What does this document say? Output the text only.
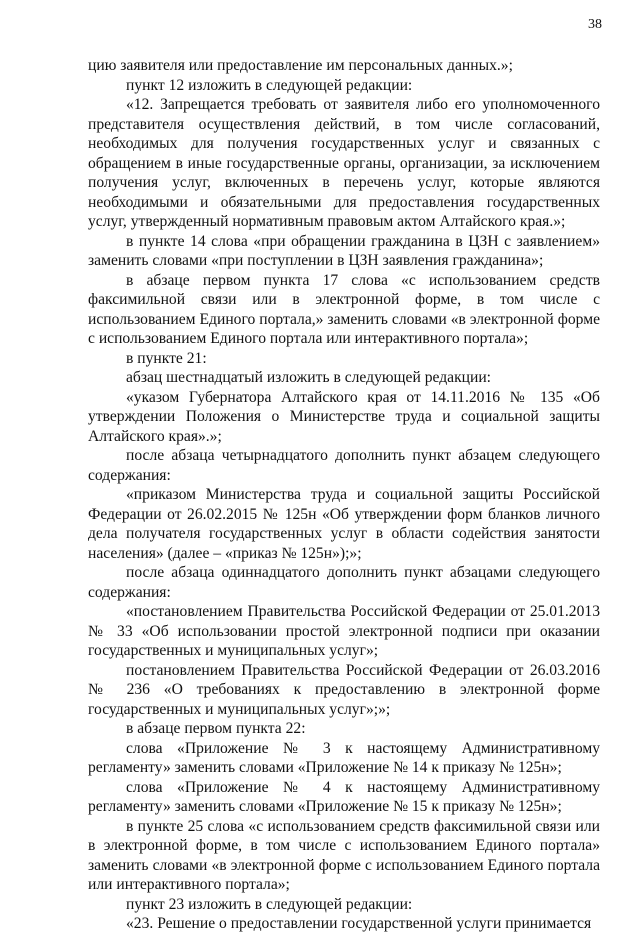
38

цию заявителя или предоставление им персональных данных.»;

пункт 12 изложить в следующей редакции:

«12. Запрещается требовать от заявителя либо его уполномоченного представителя осуществления действий, в том числе согласований, необходимых для получения государственных услуг и связанных с обращением в иные государственные органы, организации, за исключением получения услуг, включенных в перечень услуг, которые являются необходимыми и обязательными для предоставления государственных услуг, утвержденный нормативным правовым актом Алтайского края.»;

в пункте 14 слова «при обращении гражданина в ЦЗН с заявлением» заменить словами «при поступлении в ЦЗН заявления гражданина»;

в абзаце первом пункта 17 слова «с использованием средств факсимильной связи или в электронной форме, в том числе с использованием Единого портала,» заменить словами «в электронной форме с использованием Единого портала или интерактивного портала»;

в пункте 21:

абзац шестнадцатый изложить в следующей редакции:

«указом Губернатора Алтайского края от 14.11.2016 № 135 «Об утверждении Положения о Министерстве труда и социальной защиты Алтайского края».»;

после абзаца четырнадцатого дополнить пункт абзацем следующего содержания:

«приказом Министерства труда и социальной защиты Российской Федерации от 26.02.2015 № 125н «Об утверждении форм бланков личного дела получателя государственных услуг в области содействия занятости населения» (далее – «приказ № 125н»);»;

после абзаца одиннадцатого дополнить пункт абзацами следующего содержания:

«постановлением Правительства Российской Федерации от 25.01.2013 № 33 «Об использовании простой электронной подписи при оказании государственных и муниципальных услуг»;

постановлением Правительства Российской Федерации от 26.03.2016 № 236 «О требованиях к предоставлению в электронной форме государственных и муниципальных услуг»;»;

в абзаце первом пункта 22:

слова «Приложение № 3 к настоящему Административному регламенту» заменить словами «Приложение № 14 к приказу № 125н»;

слова «Приложение № 4 к настоящему Административному регламенту» заменить словами «Приложение № 15 к приказу № 125н»;

в пункте 25 слова «с использованием средств факсимильной связи или в электронной форме, в том числе с использованием Единого портала» заменить словами «в электронной форме с использованием Единого портала или интерактивного портала»;

пункт 23 изложить в следующей редакции:

«23. Решение о предоставлении государственной услуги принимается
